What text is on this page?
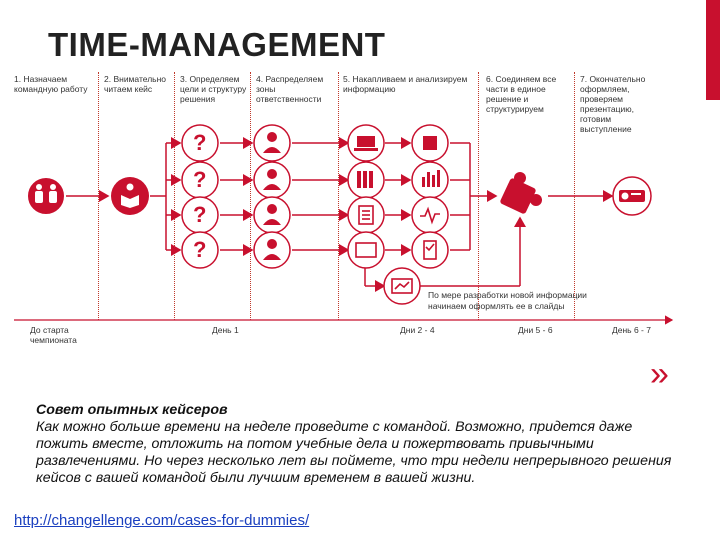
TIME-MANAGEMENT
1. Назначаем командную работу
2. Внимательно читаем кейс
3. Определяем цели и структуру решения
4. Распределяем зоны ответственности
5. Накапливаем и анализируем информацию
6. Соединяем все части в единое решение и структурируем
7. Окончательно оформляем, проверяем презентацию, готовим выступление
?
?
?
?
По мере разработки новой информации начинаем оформлять ее в слайды
До старта чемпионата
День 1	Дни 2 - 4	Дни 5 - 6	День 6 - 7
»
Совет опытных кейсеров
Как можно больше времени на неделе проведите с командой. Возможно, придется даже пожить вместе, отложить на потом учебные дела и пожертвовать привычными развлечениями. Но через несколько лет вы поймете, что три недели непрерывного решения кейсов с вашей командой были лучшим временем в вашей жизни.
http://changellenge.com/cases-for-dummies/
